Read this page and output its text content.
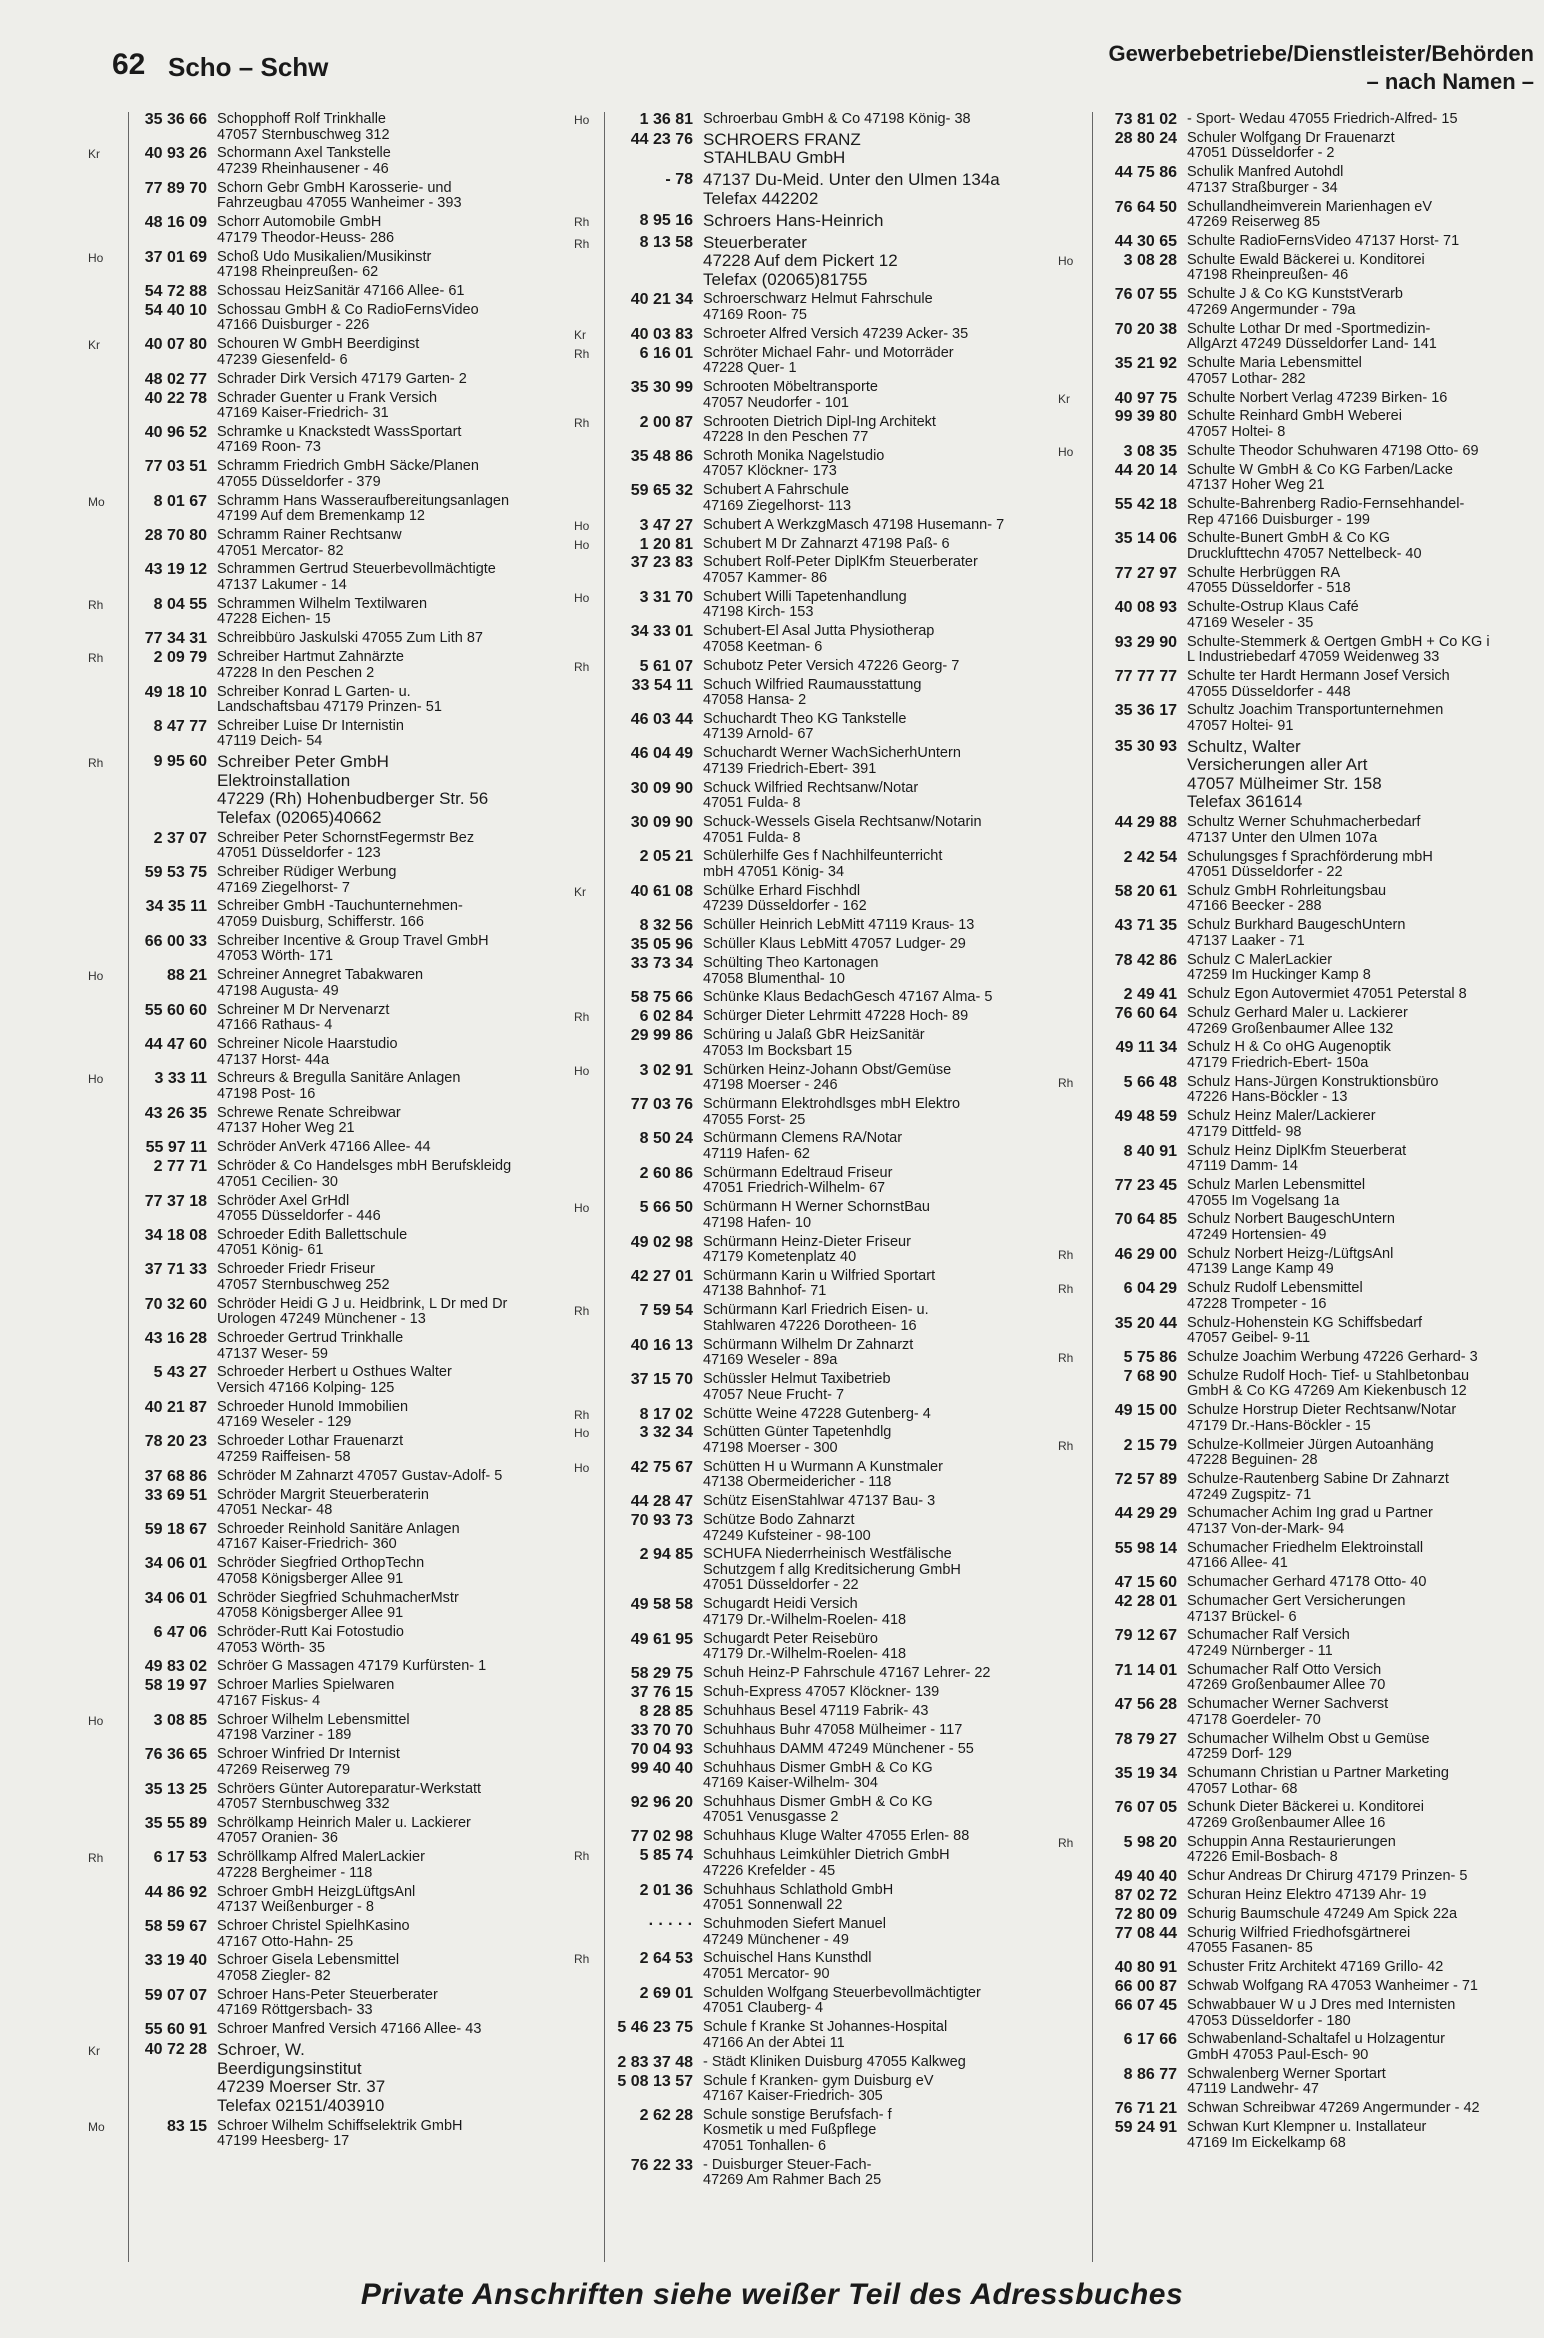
62 Scho – Schw	Gewerbebetriebe/Dienstleister/Behörden
– nach Namen –
35 36 66 Schopphoff Rolf Trinkhalle
47057 Sternbuschweg 312
Kr	40 93 26 Schormann Axel Tankstelle
47239 Rheinhausener - 46
77 89 70 Schorn Gebr GmbH Karosserie- und
Fahrzeugbau 47055 Wanheimer - 393
48 16 09 Schorr Automobile GmbH
47179 Theodor-Heuss- 286
Ho	37 01 69 Schoß Udo Musikalien/Musikinstr
47198 Rheinpreußen- 62
54 72 88 Schossau HeizSanitär 47166 Allee- 61
54 40 10 Schossau GmbH & Co RadioFernsVideo
47166 Duisburger - 226
Kr	40 07 80 Schouren W GmbH Beerdiginst
47239 Giesenfeld- 6
48 02 77 Schrader Dirk Versich 47179 Garten- 2
40 22 78 Schrader Guenter u Frank Versich
47169 Kaiser-Friedrich- 31
40 96 52 Schramke u Knackstedt WassSportart
47169 Roon- 73
77 03 51 Schramm Friedrich GmbH Säcke/Planen
47055 Düsseldorfer - 379
Mo	8 01 67 Schramm Hans Wasseraufbereitungsanlagen
47199 Auf dem Bremenkamp 12
28 70 80 Schramm Rainer Rechtsanw
47051 Mercator- 82
43 19 12 Schrammen Gertrud Steuerbevollmächtigte
47137 Lakumer - 14
Rh	8 04 55 Schrammen Wilhelm Textilwaren
47228 Eichen- 15
77 34 31 Schreibbüro Jaskulski 47055 Zum Lith 87
Rh	2 09 79 Schreiber Hartmut Zahnärzte
47228 In den Peschen 2
49 18 10 Schreiber Konrad L Garten- u.
Landschaftsbau 47179 Prinzen- 51
8 47 77 Schreiber Luise Dr Internistin
47119 Deich- 54
Rh	9 95 60 Schreiber Peter GmbH
Elektroinstallation
47229 (Rh) Hohenbudberger Str. 56
Telefax (02065)40662
2 37 07 Schreiber Peter SchornstFegermstr Bez
47051 Düsseldorfer - 123
59 53 75 Schreiber Rüdiger Werbung
47169 Ziegelhorst- 7
34 35 11 Schreiber GmbH -Tauchunternehmen-
47059 Duisburg, Schifferstr. 166
66 00 33 Schreiber Incentive & Group Travel GmbH
47053 Wörth- 171
Ho	88 21 Schreiner Annegret Tabakwaren
47198 Augusta- 49
55 60 60 Schreiner M Dr Nervenarzt
47166 Rathaus- 4
44 47 60 Schreiner Nicole Haarstudio
47137 Horst- 44a
Ho	3 33 11 Schreurs & Bregulla Sanitäre Anlagen
47198 Post- 16
43 26 35 Schrewe Renate Schreibwar
47137 Hoher Weg 21
55 97 11 Schröder AnVerk 47166 Allee- 44
2 77 71 Schröder & Co Handelsges mbH Berufskleidg
47051 Cecilien- 30
77 37 18 Schröder Axel GrHdl
47055 Düsseldorfer - 446
34 18 08 Schroeder Edith Ballettschule
47051 König- 61
37 71 33 Schroeder Friedr Friseur
47057 Sternbuschweg 252
70 32 60 Schröder Heidi G J u. Heidbrink, L Dr med Dr
Urologen 47249 Münchener - 13
43 16 28 Schroeder Gertrud Trinkhalle
47137 Weser- 59
5 43 27 Schroeder Herbert u Osthues Walter
Versich 47166 Kolping- 125
40 21 87 Schroeder Hunold Immobilien
47169 Weseler - 129
78 20 23 Schroeder Lothar Frauenarzt
47259 Raiffeisen- 58
37 68 86 Schröder M Zahnarzt 47057 Gustav-Adolf- 5
33 69 51 Schröder Margrit Steuerberaterin
47051 Neckar- 48
59 18 67 Schroeder Reinhold Sanitäre Anlagen
47167 Kaiser-Friedrich- 360
34 06 01 Schröder Siegfried OrthopTechn
47058 Königsberger Allee 91
34 06 01 Schröder Siegfried SchuhmacherMstr
47058 Königsberger Allee 91
6 47 06 Schröder-Rutt Kai Fotostudio
47053 Wörth- 35
49 83 02 Schröer G Massagen 47179 Kurfürsten- 1
58 19 97 Schroer Marlies Spielwaren
47167 Fiskus- 4
Ho	3 08 85 Schroer Wilhelm Lebensmittel
47198 Varziner - 189
76 36 65 Schroer Winfried Dr Internist
47269 Reiserweg 79
35 13 25 Schröers Günter Autoreparatur-Werkstatt
47057 Sternbuschweg 332
35 55 89 Schrölkamp Heinrich Maler u. Lackierer
47057 Oranien- 36
Rh	6 17 53 Schröllkamp Alfred MalerLackier
47228 Bergheimer - 118
44 86 92 Schroer GmbH HeizgLüftgsAnl
47137 Weißenburger - 8
58 59 67 Schroer Christel SpielhKasino
47167 Otto-Hahn- 25
33 19 40 Schroer Gisela Lebensmittel
47058 Ziegler- 82
59 07 07 Schroer Hans-Peter Steuerberater
47169 Röttgersbach- 33
55 60 91 Schroer Manfred Versich 47166 Allee- 43
Kr	40 72 28 Schroer, W.
Beerdigungsinstitut
47239 Moerser Str. 37
Telefax 02151/403910
Mo	83 15 Schroer Wilhelm Schiffselektrik GmbH
47199 Heesberg- 17
Ho	1 36 81 Schroerbau GmbH & Co 47198 König- 38
44 23 76 SCHROERS FRANZ
STAHLBAU GmbH
- 78 47137 Du-Meid. Unter den Ulmen 134a
Telefax 442202
Rh	8 95 16 Schroers Hans-Heinrich
Rh	8 13 58 Steuerberater
47228 Auf dem Pickert 12
Telefax (02065)81755
40 21 34 Schroerschwarz Helmut Fahrschule
47169 Roon- 75
Kr	40 03 83 Schroeter Alfred Versich 47239 Acker- 35
Rh	6 16 01 Schröter Michael Fahr- und Motorräder
47228 Quer- 1
35 30 99 Schrooten Möbeltransporte
47057 Neudorfer - 101
Rh	2 00 87 Schrooten Dietrich Dipl-Ing Architekt
47228 In den Peschen 77
35 48 86 Schroth Monika Nagelstudio
47057 Klöckner- 173
59 65 32 Schubert A Fahrschule
47169 Ziegelhorst- 113
Ho	3 47 27 Schubert A WerkzgMasch 47198 Husemann- 7
Ho	1 20 81 Schubert M Dr Zahnarzt 47198 Paß- 6
37 23 83 Schubert Rolf-Peter DiplKfm Steuerberater
47057 Kammer- 86
Ho	3 31 70 Schubert Willi Tapetenhandlung
47198 Kirch- 153
34 33 01 Schubert-El Asal Jutta Physiotherap
47058 Keetman- 6
Rh	5 61 07 Schubotz Peter Versich 47226 Georg- 7
33 54 11 Schuch Wilfried Raumausstattung
47058 Hansa- 2
46 03 44 Schuchardt Theo KG Tankstelle
47139 Arnold- 67
46 04 49 Schuchardt Werner WachSicherhUntern
47139 Friedrich-Ebert- 391
30 09 90 Schuck Wilfried Rechtsanw/Notar
47051 Fulda- 8
30 09 90 Schuck-Wessels Gisela Rechtsanw/Notarin
47051 Fulda- 8
2 05 21 Schülerhilfe Ges f Nachhilfeunterricht
mbH 47051 König- 34
Kr	40 61 08 Schülke Erhard Fischhdl
47239 Düsseldorfer - 162
8 32 56 Schüller Heinrich LebMitt 47119 Kraus- 13
35 05 96 Schüller Klaus LebMitt 47057 Ludger- 29
33 73 34 Schülting Theo Kartonagen
47058 Blumenthal- 10
58 75 66 Schünke Klaus BedachGesch 47167 Alma- 5
Rh	6 02 84 Schürger Dieter Lehrmitt 47228 Hoch- 89
29 99 86 Schüring u Jalaß GbR HeizSanitär
47053 Im Bocksbart 15
Ho	3 02 91 Schürken Heinz-Johann Obst/Gemüse
47198 Moerser - 246
77 03 76 Schürmann Elektrohdlsges mbH Elektro
47055 Forst- 25
8 50 24 Schürmann Clemens RA/Notar
47119 Hafen- 62
2 60 86 Schürmann Edeltraud Friseur
47051 Friedrich-Wilhelm- 67
Ho	5 66 50 Schürmann H Werner SchornstBau
47198 Hafen- 10
49 02 98 Schürmann Heinz-Dieter Friseur
47179 Kometenplatz 40
42 27 01 Schürmann Karin u Wilfried Sportart
47138 Bahnhof- 71
Rh	7 59 54 Schürmann Karl Friedrich Eisen- u.
Stahlwaren 47226 Dorotheen- 16
40 16 13 Schürmann Wilhelm Dr Zahnarzt
47169 Weseler - 89a
37 15 70 Schüssler Helmut Taxibetrieb
47057 Neue Frucht- 7
Rh	8 17 02 Schütte Weine 47228 Gutenberg- 4
Ho	3 32 34 Schütten Günter Tapetenhdlg
47198 Moerser - 300
Ho	42 75 67 Schütten H u Wurmann A Kunstmaler
47138 Obermeidericher - 118
44 28 47 Schütz EisenStahlwar 47137 Bau- 3
70 93 73 Schütze Bodo Zahnarzt
47249 Kufsteiner - 98-100
2 94 85 SCHUFA Niederrheinisch Westfälische
Schutzgem f allg Kreditsicherung GmbH
47051 Düsseldorfer - 22
49 58 58 Schugardt Heidi Versich
47179 Dr.-Wilhelm-Roelen- 418
49 61 95 Schugardt Peter Reisebüro
47179 Dr.-Wilhelm-Roelen- 418
58 29 75 Schuh Heinz-P Fahrschule 47167 Lehrer- 22
37 76 15 Schuh-Express 47057 Klöckner- 139
8 28 85 Schuhhaus Besel 47119 Fabrik- 43
33 70 70 Schuhhaus Buhr 47058 Mülheimer - 117
70 04 93 Schuhhaus DAMM 47249 Münchener - 55
99 40 40 Schuhhaus Dismer GmbH & Co KG
47169 Kaiser-Wilhelm- 304
92 96 20 Schuhhaus Dismer GmbH & Co KG
47051 Venusgasse 2
77 02 98 Schuhhaus Kluge Walter 47055 Erlen- 88
Rh	5 85 74 Schuhhaus Leimkühler Dietrich GmbH
47226 Krefelder - 45
2 01 36 Schuhhaus Schlathold GmbH
47051 Sonnenwall 22
· · · · · Schuhmoden Siefert Manuel
47249 Münchener - 49
Rh	2 64 53 Schuischel Hans Kunsthdl
47051 Mercator- 90
2 69 01 Schulden Wolfgang Steuerbevollmächtigter
47051 Clauberg- 4
5 46 23 75 Schule f Kranke St Johannes-Hospital
47166 An der Abtei 11
2 83 37 48 - Städt Kliniken Duisburg 47055 Kalkweg
5 08 13 57 Schule f Kranken- gym Duisburg eV
47167 Kaiser-Friedrich- 305
2 62 28 Schule sonstige Berufsfach- f
Kosmetik u med Fußpflege
47051 Tonhallen- 6
76 22 33 - Duisburger Steuer-Fach-
47269 Am Rahmer Bach 25
73 81 02 - Sport- Wedau 47055 Friedrich-Alfred- 15
28 80 24 Schuler Wolfgang Dr Frauenarzt
47051 Düsseldorfer - 2
44 75 86 Schulik Manfred Autohdl
47137 Straßburger - 34
76 64 50 Schullandheimverein Marienhagen eV
47269 Reiserweg 85
44 30 65 Schulte RadioFernsVideo 47137 Horst- 71
Ho	3 08 28 Schulte Ewald Bäckerei u. Konditorei
47198 Rheinpreußen- 46
76 07 55 Schulte J & Co KG KunststVerarb
47269 Angermunder - 79a
70 20 38 Schulte Lothar Dr med -Sportmedizin-
AllgArzt 47249 Düsseldorfer Land- 141
35 21 92 Schulte Maria Lebensmittel
47057 Lothar- 282
Kr	40 97 75 Schulte Norbert Verlag 47239 Birken- 16
99 39 80 Schulte Reinhard GmbH Weberei
47057 Holtei- 8
Ho	3 08 35 Schulte Theodor Schuhwaren 47198 Otto- 69
44 20 14 Schulte W GmbH & Co KG Farben/Lacke
47137 Hoher Weg 21
55 42 18 Schulte-Bahrenberg Radio-Fernsehhandel-
Rep 47166 Duisburger - 199
35 14 06 Schulte-Bunert GmbH & Co KG
Drucklufttechn 47057 Nettelbeck- 40
77 27 97 Schulte Herbrüggen RA
47055 Düsseldorfer - 518
40 08 93 Schulte-Ostrup Klaus Café
47169 Weseler - 35
93 29 90 Schulte-Stemmerk & Oertgen GmbH + Co KG i
L Industriebedarf 47059 Weidenweg 33
77 77 77 Schulte ter Hardt Hermann Josef Versich
47055 Düsseldorfer - 448
35 36 17 Schultz Joachim Transportunternehmen
47057 Holtei- 91
35 30 93 Schultz, Walter
Versicherungen aller Art
47057 Mülheimer Str. 158
Telefax 361614
44 29 88 Schultz Werner Schuhmacherbedarf
47137 Unter den Ulmen 107a
2 42 54 Schulungsges f Sprachförderung mbH
47051 Düsseldorfer - 22
58 20 61 Schulz GmbH Rohrleitungsbau
47166 Beecker - 288
43 71 35 Schulz Burkhard BaugeschUntern
47137 Laaker - 71
78 42 86 Schulz C MalerLackier
47259 Im Huckinger Kamp 8
2 49 41 Schulz Egon Autovermiet 47051 Peterstal 8
76 60 64 Schulz Gerhard Maler u. Lackierer
47269 Großenbaumer Allee 132
49 11 34 Schulz H & Co oHG Augenoptik
47179 Friedrich-Ebert- 150a
Rh	5 66 48 Schulz Hans-Jürgen Konstruktionsbüro
47226 Hans-Böckler - 13
49 48 59 Schulz Heinz Maler/Lackierer
47179 Dittfeld- 98
8 40 91 Schulz Heinz DiplKfm Steuerberat
47119 Damm- 14
77 23 45 Schulz Marlen Lebensmittel
47055 Im Vogelsang 1a
70 64 85 Schulz Norbert BaugeschUntern
47249 Hortensien- 49
Rh	46 29 00 Schulz Norbert Heizg-/LüftgsAnl
47139 Lange Kamp 49
Rh	6 04 29 Schulz Rudolf Lebensmittel
47228 Trompeter - 16
35 20 44 Schulz-Hohenstein KG Schiffsbedarf
47057 Geibel- 9-11
Rh	5 75 86 Schulze Joachim Werbung 47226 Gerhard- 3
7 68 90 Schulze Rudolf Hoch- Tief- u Stahlbetonbau
GmbH & Co KG 47269 Am Kiekenbusch 12
49 15 00 Schulze Horstrup Dieter Rechtsanw/Notar
47179 Dr.-Hans-Böckler - 15
Rh	2 15 79 Schulze-Kollmeier Jürgen Autoanhäng
47228 Beguinen- 28
72 57 89 Schulze-Rautenberg Sabine Dr Zahnarzt
47249 Zugspitz- 71
44 29 29 Schumacher Achim Ing grad u Partner
47137 Von-der-Mark- 94
55 98 14 Schumacher Friedhelm Elektroinstall
47166 Allee- 41
47 15 60 Schumacher Gerhard 47178 Otto- 40
42 28 01 Schumacher Gert Versicherungen
47137 Brückel- 6
79 12 67 Schumacher Ralf Versich
47249 Nürnberger - 11
71 14 01 Schumacher Ralf Otto Versich
47269 Großenbaumer Allee 70
47 56 28 Schumacher Werner Sachverst
47178 Goerdeler- 70
78 79 27 Schumacher Wilhelm Obst u Gemüse
47259 Dorf- 129
35 19 34 Schumann Christian u Partner Marketing
47057 Lothar- 68
76 07 05 Schunk Dieter Bäckerei u. Konditorei
47269 Großenbaumer Allee 16
Rh	5 98 20 Schuppin Anna Restaurierungen
47226 Emil-Bosbach- 8
49 40 40 Schur Andreas Dr Chirurg 47179 Prinzen- 5
87 02 72 Schuran Heinz Elektro 47139 Ahr- 19
72 80 09 Schurig Baumschule 47249 Am Spick 22a
77 08 44 Schurig Wilfried Friedhofsgärtnerei
47055 Fasanen- 85
40 80 91 Schuster Fritz Architekt 47169 Grillo- 42
66 00 87 Schwab Wolfgang RA 47053 Wanheimer - 71
66 07 45 Schwabbauer W u J Dres med Internisten
47053 Düsseldorfer - 180
6 17 66 Schwabenland-Schaltafel u Holzagentur
GmbH 47053 Paul-Esch- 90
8 86 77 Schwalenberg Werner Sportart
47119 Landwehr- 47
76 71 21 Schwan Schreibwar 47269 Angermunder - 42
59 24 91 Schwan Kurt Klempner u. Installateur
47169 Im Eickelkamp 68
Private Anschriften siehe weißer Teil des Adressbuches
